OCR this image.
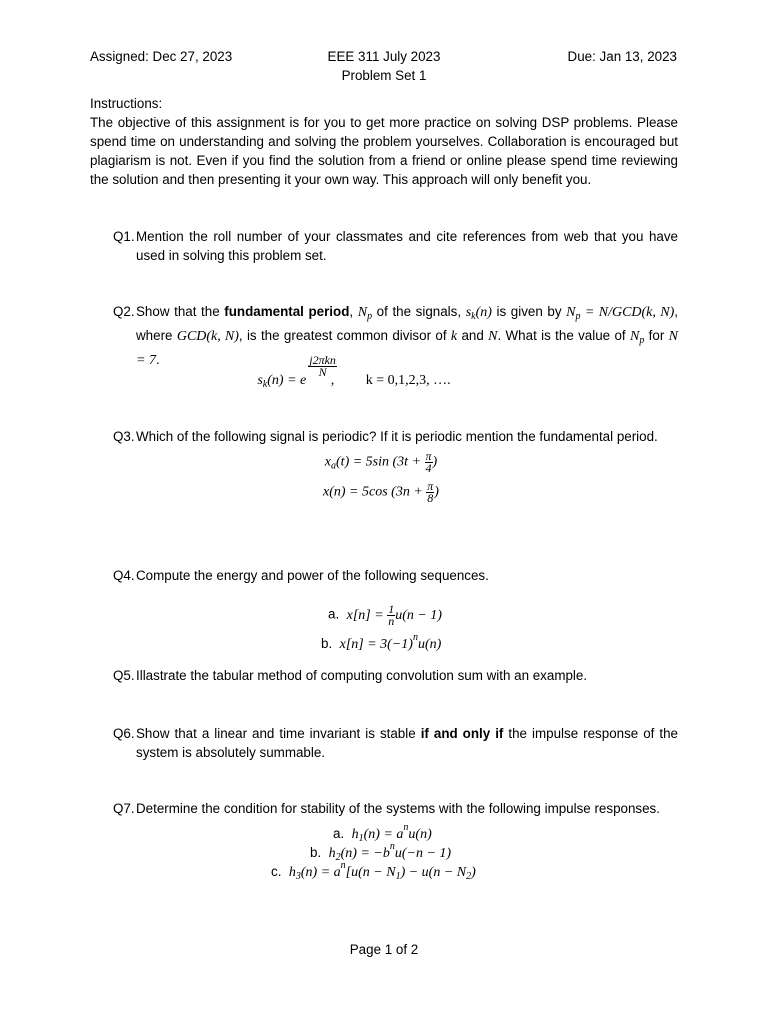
Assigned: Dec 27, 2023	EEE 311 July 2023
Problem Set 1
Due: Jan 13, 2023

Instructions:

The objective of this assignment is for you to get more practice on solving DSP problems. Please spend time on understanding and solving the problem yourselves. Collaboration is encouraged but plagiarism is not. Even if you find the solution from a friend or online please spend time reviewing the solution and then presenting it your own way. This approach will only benefit you.

Q1. Mention the roll number of your classmates and cite references from web that you have used in solving this problem set.

Q2. Show that the fundamental period, $N_p$ of the signals, $s_k(n)$ is given by $N_p = N/GCD(k$, N), where GCD(k, N), is the greatest common divisor of k and N. What is the value of $N_p$ for N = 7.

$s_k(n) = e$
$\frac{\text{j2πkn}}{N}$
, k = 0,1,2,3, ….
Q3. Which of the following signal is periodic? If it is periodic mention the fundamental period.

$x_a(t) = 5\sin$ ($3t + \frac{\pi}{4}$ )
x(n) = 5cos ($3n + \frac{\pi}{8}$ )
Q4. Compute the energy and power of the following sequences.

a. $x[n] = \frac{1}{n} u(n - 1)$
b. $x[n] = 3(-1)^nu(n)$
Q5. Illastrate the tabular method of computing convolution sum with an example.

Q6. Show that a linear and time invariant is stable if and only if the impulse response of the system is absolutely summable.

Q7. Determine the condition for stability of the systems with the following impulse responses.

a. $h_1(n) = a^nu(n)$
b. $h_2(n) = -b^nu(-n - 1)$
c. $h_3(n) = a^n[u(n - N_1) - u(n - N_2)$
Page 1 of 2
